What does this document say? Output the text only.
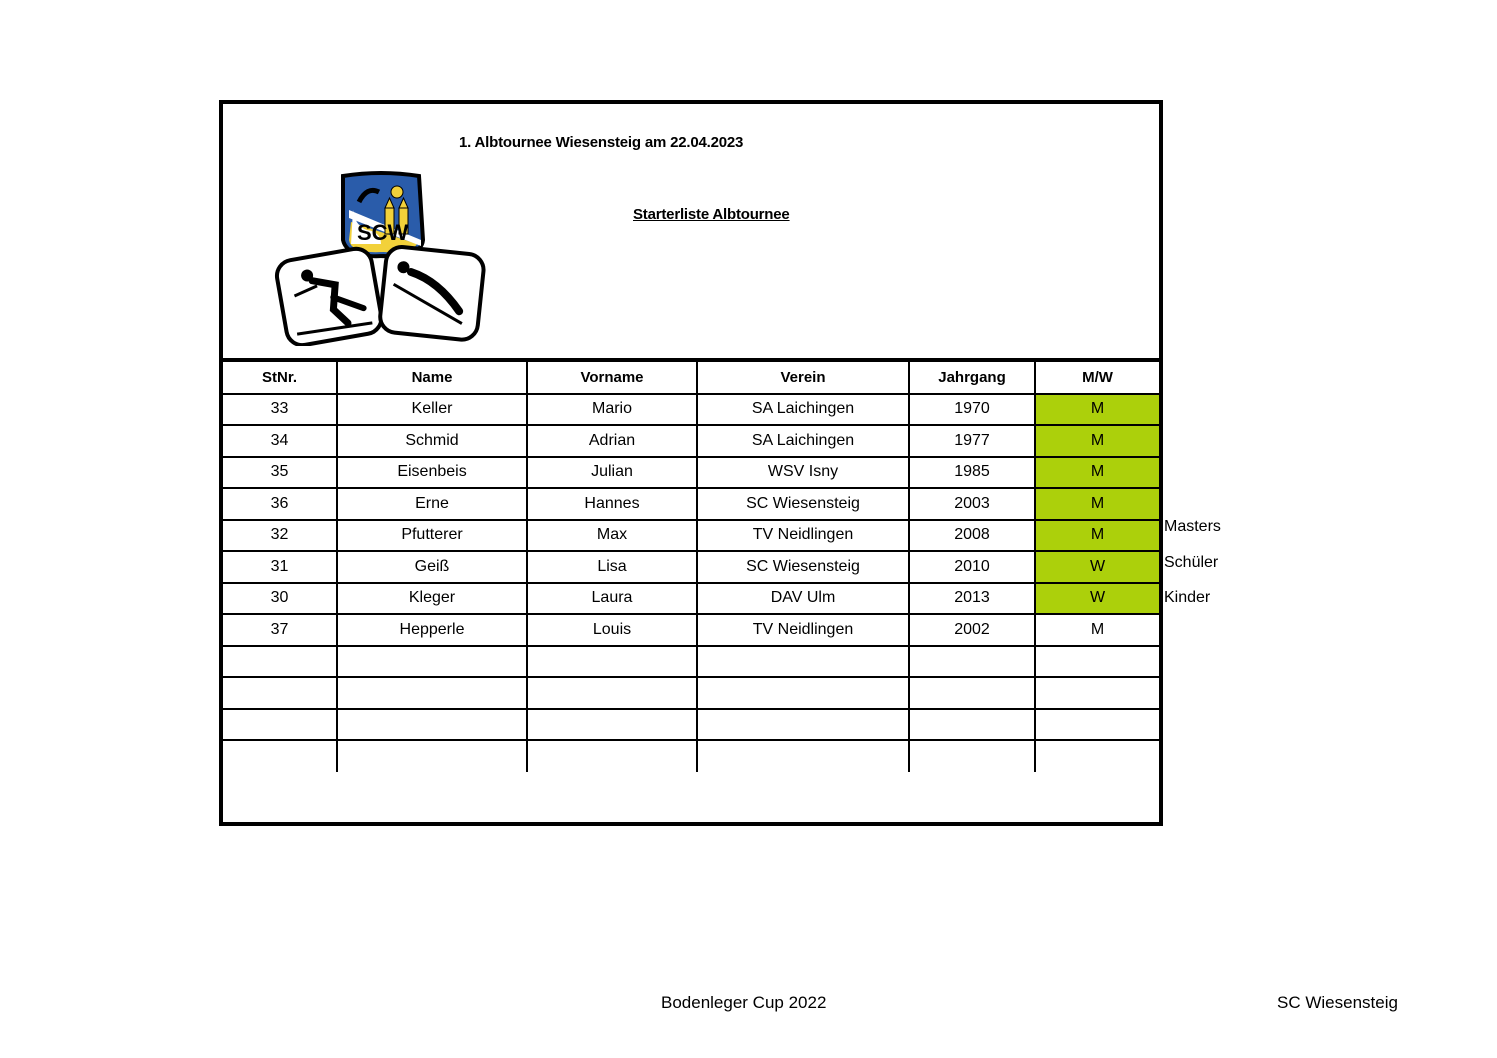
1. Albtournee Wiesensteig am 22.04.2023
Starterliste Albtournee
SCW
StNr.	Name	Vorname	Verein	Jahrgang	M/W
33	Keller	Mario	SA Laichingen	1970	M
34	Schmid	Adrian	SA Laichingen	1977	M
35	Eisenbeis	Julian	WSV Isny	1985	M
36	Erne	Hannes	SC Wiesensteig	2003	M
32	Pfutterer	Max	TV Neidlingen	2008	M
31	Geiß	Lisa	SC Wiesensteig	2010	W
30	Kleger	Laura	DAV Ulm	2013	W
37	Hepperle	Louis	TV Neidlingen	2002	M

Masters
Schüler
Kinder
Bodenleger Cup 2022	SC Wiesensteig
